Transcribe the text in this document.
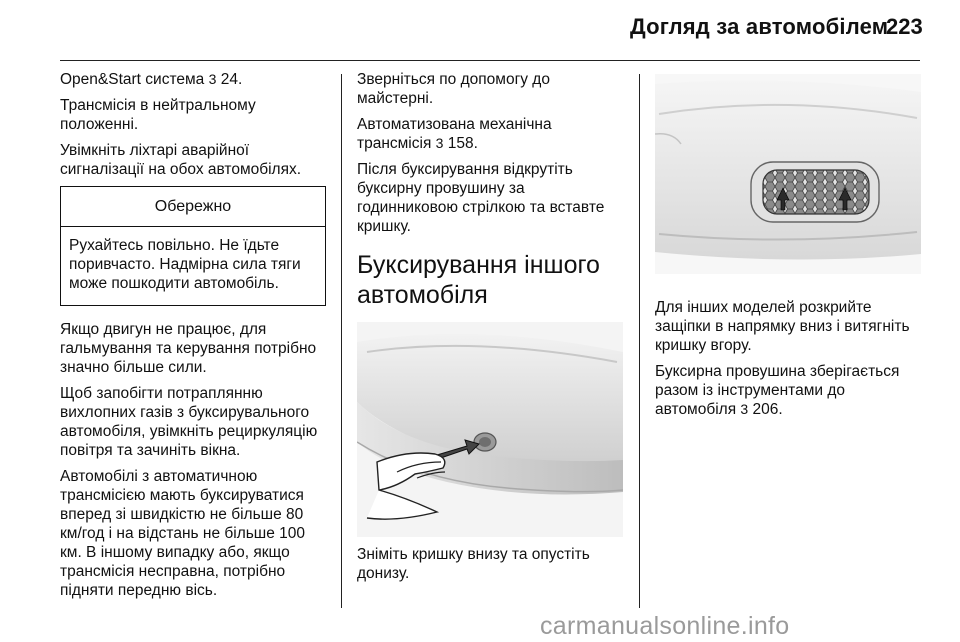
Догляд за автомобілем
223

Open&Start система 3 24.

Трансмісія в нейтральному положенні.

Увімкніть ліхтарі аварійної сигналізації на обох автомобілях.

Обережно
Рухайтесь повільно. Не їдьте поривчасто. Надмірна сила тяги може пошкодити автомобіль.

Якщо двигун не працює, для гальмування та керування потрібно значно більше сили.

Щоб запобігти потраплянню вихлопних газів з буксирувального автомобіля, увімкніть рециркуляцію повітря та зачиніть вікна.

Автомобілі з автоматичною трансмісією мають буксируватися вперед зі швидкістю не більше 80 км/год і на відстань не більше 100 км. В іншому випадку або, якщо трансмісія несправна, потрібно підняти передню вісь.

Зверніться по допомогу до майстерні.

Автоматизована механічна трансмісія 3 158.

Після буксирування відкрутіть буксирну провушину за годинниковою стрілкою та вставте кришку.

Буксирування іншого автомобіля

Зніміть кришку внизу та опустіть донизу.

Для інших моделей розкрийте защіпки в напрямку вниз і витягніть кришку вгору.

Буксирна провушина зберігається разом із інструментами до автомобіля 3 206.

carmanualsonline.info
